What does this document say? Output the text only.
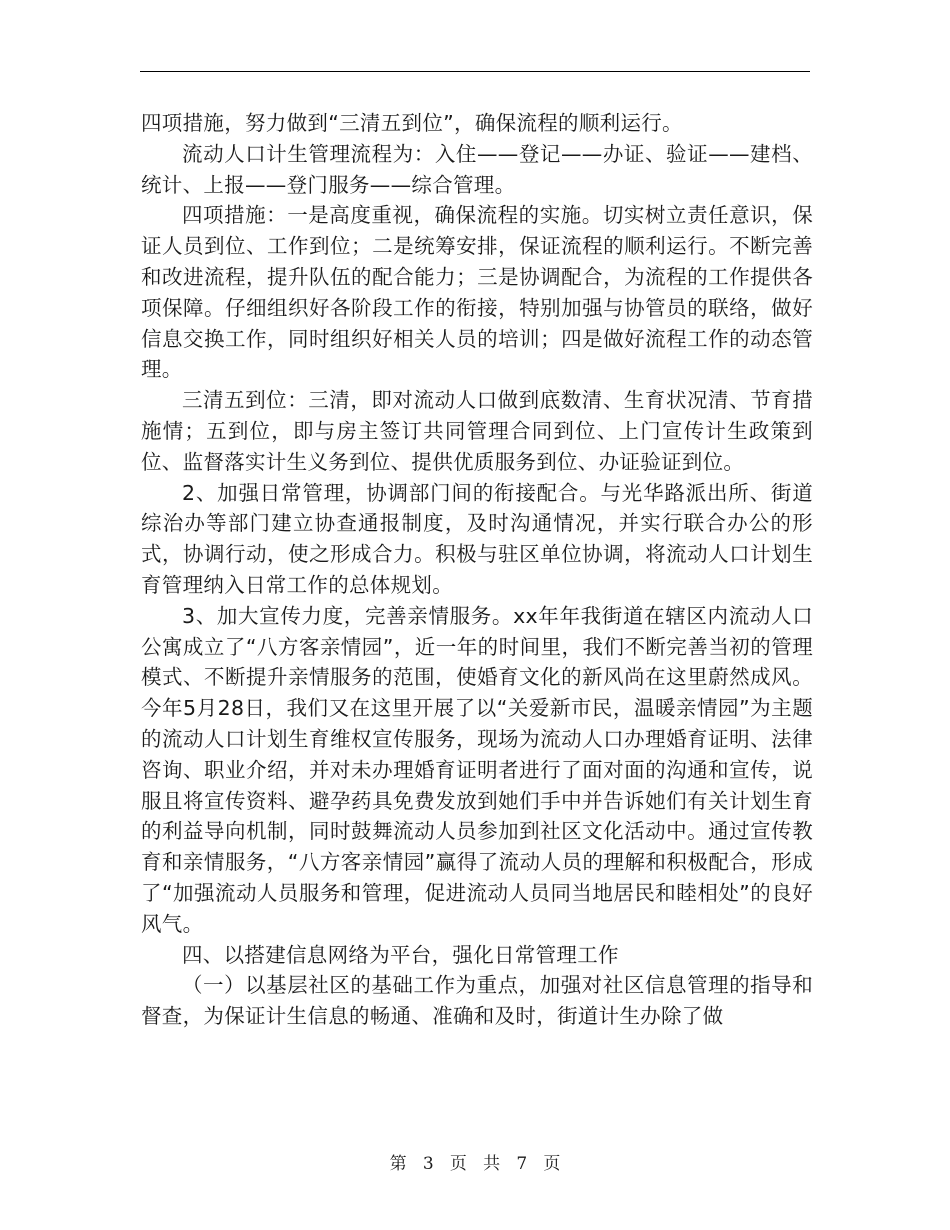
四项措施，努力做到“三清五到位”，确保流程的顺利运行。

流动人口计生管理流程为：入住——登记——办证、验证——建档、统计、上报——登门服务——综合管理。

四项措施：一是高度重视，确保流程的实施。切实树立责任意识，保证人员到位、工作到位；二是统筹安排，保证流程的顺利运行。不断完善和改进流程，提升队伍的配合能力；三是协调配合，为流程的工作提供各项保障。仔细组织好各阶段工作的衔接，特别加强与协管员的联络，做好信息交换工作，同时组织好相关人员的培训；四是做好流程工作的动态管理。

三清五到位：三清，即对流动人口做到底数清、生育状况清、节育措施情；五到位，即与房主签订共同管理合同到位、上门宣传计生政策到位、监督落实计生义务到位、提供优质服务到位、办证验证到位。

2、加强日常管理，协调部门间的衔接配合。与光华路派出所、街道综治办等部门建立协查通报制度，及时沟通情况，并实行联合办公的形式，协调行动，使之形成合力。积极与驻区单位协调，将流动人口计划生育管理纳入日常工作的总体规划。

3、加大宣传力度，完善亲情服务。xx年年我街道在辖区内流动人口公寓成立了“八方客亲情园”，近一年的时间里，我们不断完善当初的管理模式、不断提升亲情服务的范围，使婚育文化的新风尚在这里蔚然成风。今年5月28日，我们又在这里开展了以“关爱新市民，温暖亲情园”为主题的流动人口计划生育维权宣传服务，现场为流动人口办理婚育证明、法律咨询、职业介绍，并对未办理婚育证明者进行了面对面的沟通和宣传，说服且将宣传资料、避孕药具免费发放到她们手中并告诉她们有关计划生育的利益导向机制，同时鼓舞流动人员参加到社区文化活动中。通过宣传教育和亲情服务，“八方客亲情园”赢得了流动人员的理解和积极配合，形成了“加强流动人员服务和管理，促进流动人员同当地居民和睦相处”的良好风气。

四、以搭建信息网络为平台，强化日常管理工作

（一）以基层社区的基础工作为重点，加强对社区信息管理的指导和督查，为保证计生信息的畅通、准确和及时，街道计生办除了做

第 3 页 共 7 页
